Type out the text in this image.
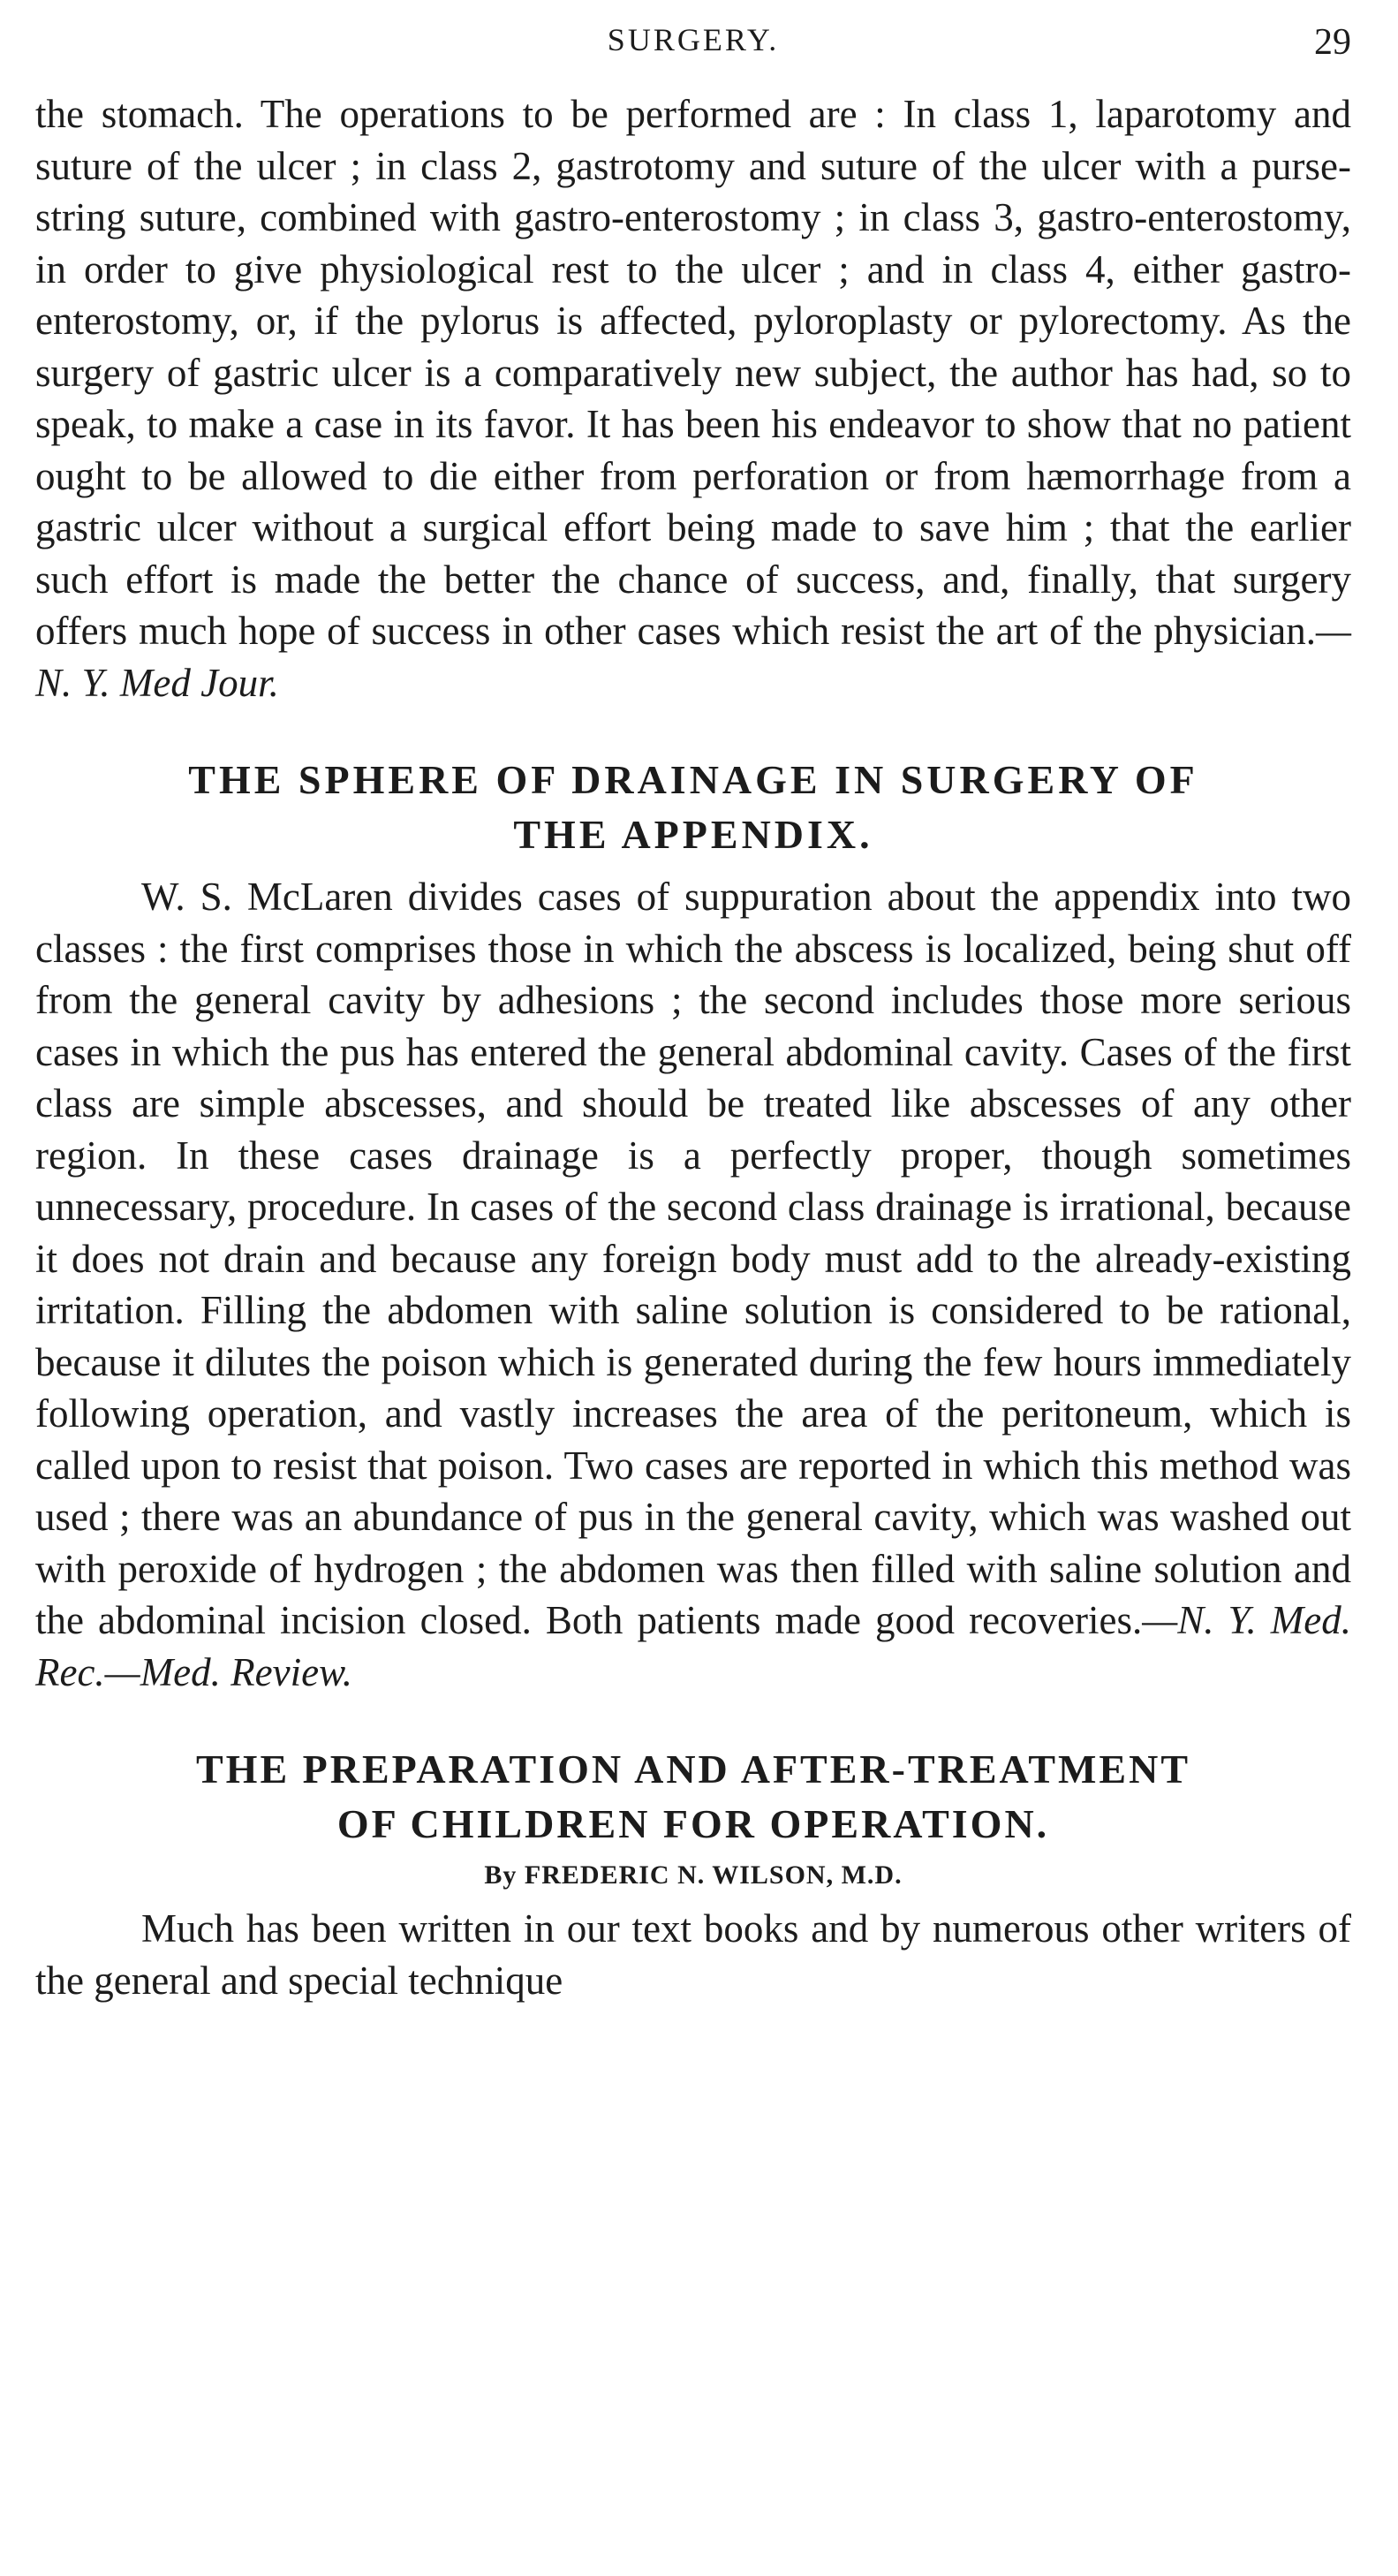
SURGERY.	29

the stomach. The operations to be performed are : In class 1, laparotomy and suture of the ulcer ; in class 2, gastrotomy and suture of the ulcer with a purse-string suture, combined with gastro-enterostomy ; in class 3, gastro-enterostomy, in order to give physiological rest to the ulcer ; and in class 4, either gastro-enterostomy, or, if the pylorus is affected, pyloroplasty or pylorectomy. As the surgery of gastric ulcer is a comparatively new subject, the author has had, so to speak, to make a case in its favor. It has been his endeavor to show that no patient ought to be allowed to die either from perforation or from hæmorrhage from a gastric ulcer without a surgical effort being made to save him ; that the earlier such effort is made the better the chance of success, and, finally, that surgery offers much hope of success in other cases which resist the art of the physician.—N. Y. Med Jour.

THE SPHERE OF DRAINAGE IN SURGERY OF
THE APPENDIX.

W. S. McLaren divides cases of suppuration about the appendix into two classes : the first comprises those in which the abscess is localized, being shut off from the general cavity by adhesions ; the second includes those more serious cases in which the pus has entered the general abdominal cavity. Cases of the first class are simple abscesses, and should be treated like abscesses of any other region. In these cases drainage is a perfectly proper, though sometimes unnecessary, procedure. In cases of the second class drainage is irrational, because it does not drain and because any foreign body must add to the already-existing irritation. Filling the abdomen with saline solution is considered to be rational, because it dilutes the poison which is generated during the few hours immediately following operation, and vastly increases the area of the peritoneum, which is called upon to resist that poison. Two cases are reported in which this method was used ; there was an abundance of pus in the general cavity, which was washed out with peroxide of hydrogen ; the abdomen was then filled with saline solution and the abdominal incision closed. Both patients made good recoveries.—N. Y. Med. Rec.—Med. Review.

THE PREPARATION AND AFTER-TREATMENT
OF CHILDREN FOR OPERATION.
By FREDERIC N. WILSON, M.D.

Much has been written in our text books and by numerous other writers of the general and special technique
